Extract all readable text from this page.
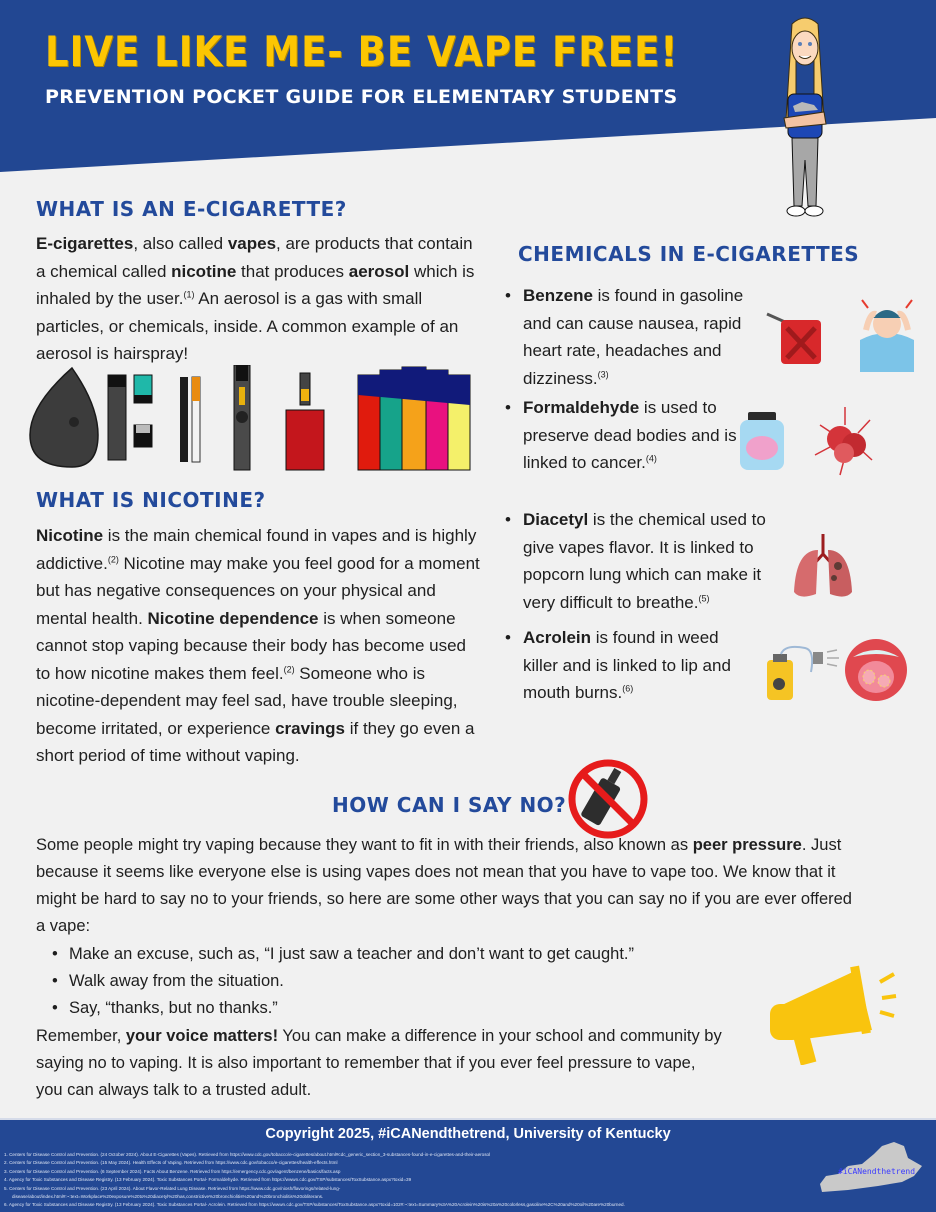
LIVE LIKE ME- BE VAPE FREE!
PREVENTION POCKET GUIDE FOR ELEMENTARY STUDENTS
WHAT IS AN E-CIGARETTE?

E-cigarettes, also called vapes, are products that contain a chemical called nicotine that produces aerosol which is inhaled by the user.$^{(1)}$ An aerosol is a gas with small particles, or chemicals, inside. A common example of an aerosol is hairspray!

WHAT IS NICOTINE?

Nicotine is the main chemical found in vapes and is highly addictive.$^{(2)}$ Nicotine may make you feel good for a moment but has negative consequences on your physical and mental health. Nicotine dependence is when someone cannot stop vaping because their body has become used to how nicotine makes them feel.$^{(2)}$ Someone who is nicotine-dependent may feel sad, have trouble sleeping, become irritated, or experience cravings if they go even a short period of time without vaping.

CHEMICALS IN E-CIGARETTES
• Benzene is found in gasoline and can cause nausea, rapid heart rate, headaches and dizziness.$^{(3)}$
• Formaldehyde is used to preserve dead bodies and is linked to cancer.$^{(4)}$
• Diacetyl is the chemical used to give vapes flavor. It is linked to popcorn lung which can make it very difficult to breathe.$^{(5)}$
• Acrolein is found in weed killer and is linked to lip and mouth burns.$^{(6)}$
HOW CAN I SAY NO?

Some people might try vaping because they want to fit in with their friends, also known as peer pressure. Just because it seems like everyone else is using vapes does not mean that you have to vape too. We know that it might be hard to say no to your friends, so here are some other ways that you can say no if you are ever offered a vape:

• Make an excuse, such as, “I just saw a teacher and don’t want to get caught.”
• Walk away from the situation.
• Say, “thanks, but no thanks.”

Remember, your voice matters! You can make a difference in your school and community by saying no to vaping. It is also important to remember that if you ever feel pressure to vape, you can always talk to a trusted adult.

Copyright 2025, #iCANendthetrend, University of Kentucky
1. Centers for Disease Control and Prevention. (24 October 2024). About E-Cigarettes (Vapes). Retrieved from https://www.cdc.gov/tobacco/e-cigarettes/about.html#cdc_generic_section_3-substances-found-in-e-cigarettes-and-their-aerosol
2. Centers for Disease Control and Prevention. (15 May 2024). Health Effects of Vaping. Retrieved from https://www.cdc.gov/tobacco/e-cigarettes/health-effects.html
3. Centers for Disease Control and Prevention. (6 September 2024). Facts About Benzene. Retrieved from https://emergency.cdc.gov/agent/benzene/basics/facts.asp
4. Agency for Toxic Substances and Disease Registry. (13 February 2024). Toxic Substances Portal- Formaldehyde. Retrieved from https://wwwn.cdc.gov/TSP/substances/ToxSubstance.aspx?toxid=39
5. Centers for Disease Control and Prevention. (23 April 2024). About Flavor-Related Lung Disease. Retrieved from https://www.cdc.gov/niosh/flavorings/related-lung-
disease/about/index.html#:~:text=Workplace%20exposure%20to%20diacetyl%20has,constrictive%20bronchiolitis%20and%20bronchiolitis%20obliterans.
6. Agency for Toxic Substances and Disease Registry. (13 February 2024). Toxic Substances Portal- Acrolein. Retrieved from https://wwwn.cdc.gov/TSP/substances/ToxSubstance.aspx?toxid=102#:~:text=Summary%3A%20Acrolein%20is%20a%20colorless,gasoline%2C%20and%20oil%20are%20burned.
#iCANendthetrend
